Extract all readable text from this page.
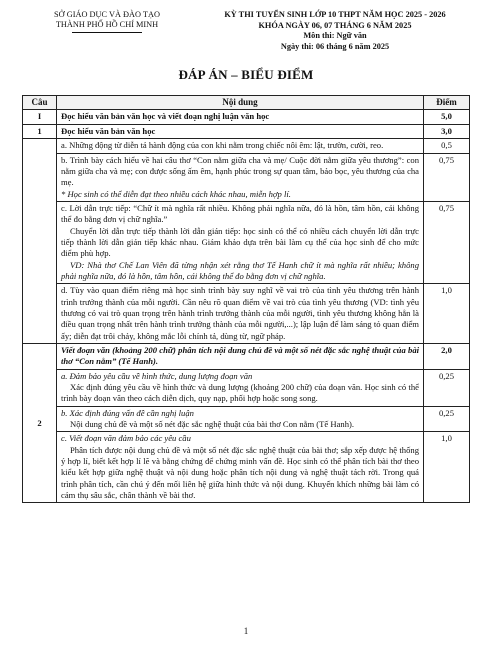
SỞ GIÁO DỤC VÀ ĐÀO TẠO
THÀNH PHỐ HỒ CHÍ MINH
KỲ THI TUYỂN SINH LỚP 10 THPT NĂM HỌC 2025 - 2026
KHÓA NGÀY 06, 07 THÁNG 6 NĂM 2025
Môn thi: Ngữ văn
Ngày thi: 06 tháng 6 năm 2025
ĐÁP ÁN – BIỂU ĐIỂM
Câu	Nội dung	Điểm
I	Đọc hiểu văn bản văn học và viết đoạn nghị luận văn học	5,0
1	Đọc hiểu văn bản văn học	3,0
	a. Những động từ diễn tả hành động của con khi nằm trong chiếc nôi êm: lật, trườn, cười, reo.	0,5

	b. Trình bày cách hiểu về hai câu thơ “Con nằm giữa cha và mẹ/ Cuộc đời nằm giữa yêu thương”: con nằm giữa cha và mẹ; con được sống ấm êm, hạnh phúc trong sự quan tâm, bảo bọc, yêu thương của cha mẹ.
* Học sinh có thể diễn đạt theo nhiều cách khác nhau, miễn hợp lí.	0,75

	c. Lời dẫn trực tiếp: “Chữ ít mà nghĩa rất nhiều. Không phải nghĩa nữa, đó là hồn, tâm hồn, cái không thể đo bằng đơn vị chữ nghĩa.”
Chuyển lời dẫn trực tiếp thành lời dẫn gián tiếp: học sinh có thể có nhiều cách chuyển lời dẫn trực tiếp thành lời dẫn gián tiếp khác nhau. Giám khảo dựa trên bài làm cụ thể của học sinh để cho mức điểm phù hợp.
VD: Nhà thơ Chế Lan Viên đã từng nhận xét rằng thơ Tế Hanh chữ ít mà nghĩa rất nhiều; không phải nghĩa nữa, đó là hồn, tâm hồn, cái không thể đo bằng đơn vị chữ nghĩa.	0,75
	d. Tùy vào quan điểm riêng mà học sinh trình bày suy nghĩ về vai trò của tình yêu thương trên hành trình trưởng thành của mỗi người. Cần nêu rõ quan điểm về vai trò của tình yêu thương (VD: tình yêu thương có vai trò quan trọng trên hành trình trưởng thành của mỗi người, tình yêu thương không hẳn là điều quan trọng nhất trên hành trình trưởng thành của mỗi người,...); lập luận để làm sáng tỏ quan điểm ấy; diễn đạt trôi chảy, không mắc lỗi chính tả, dùng từ, ngữ pháp.	1,0
2	Viết đoạn văn (khoảng 200 chữ) phân tích nội dung chủ đề và một số nét đặc sắc nghệ thuật của bài thơ “Con nằm” (Tế Hanh).	2,0

	a. Đảm bảo yêu cầu về hình thức, dung lượng đoạn văn
Xác định đúng yêu cầu về hình thức và dung lượng (khoảng 200 chữ) của đoạn văn. Học sinh có thể trình bày đoạn văn theo cách diễn dịch, quy nạp, phối hợp hoặc song song.	0,25

	b. Xác định đúng vấn đề cần nghị luận
Nội dung chủ đề và một số nét đặc sắc nghệ thuật của bài thơ Con nằm (Tế Hanh).	0,25

	c. Viết đoạn văn đảm bảo các yêu cầu
Phân tích được nội dung chủ đề và một số nét đặc sắc nghệ thuật của bài thơ; sắp xếp được hệ thống ý hợp lí, biết kết hợp lí lẽ và bằng chứng để chứng minh vấn đề. Học sinh có thể phân tích bài thơ theo kiểu kết hợp giữa nghệ thuật và nội dung hoặc phân tích nội dung và nghệ thuật tách rời. Trong quá trình phân tích, cần chú ý đến mối liên hệ giữa hình thức và nội dung. Khuyến khích những bài làm có cảm thụ sâu sắc, chân thành về bài thơ.	1,0
1
